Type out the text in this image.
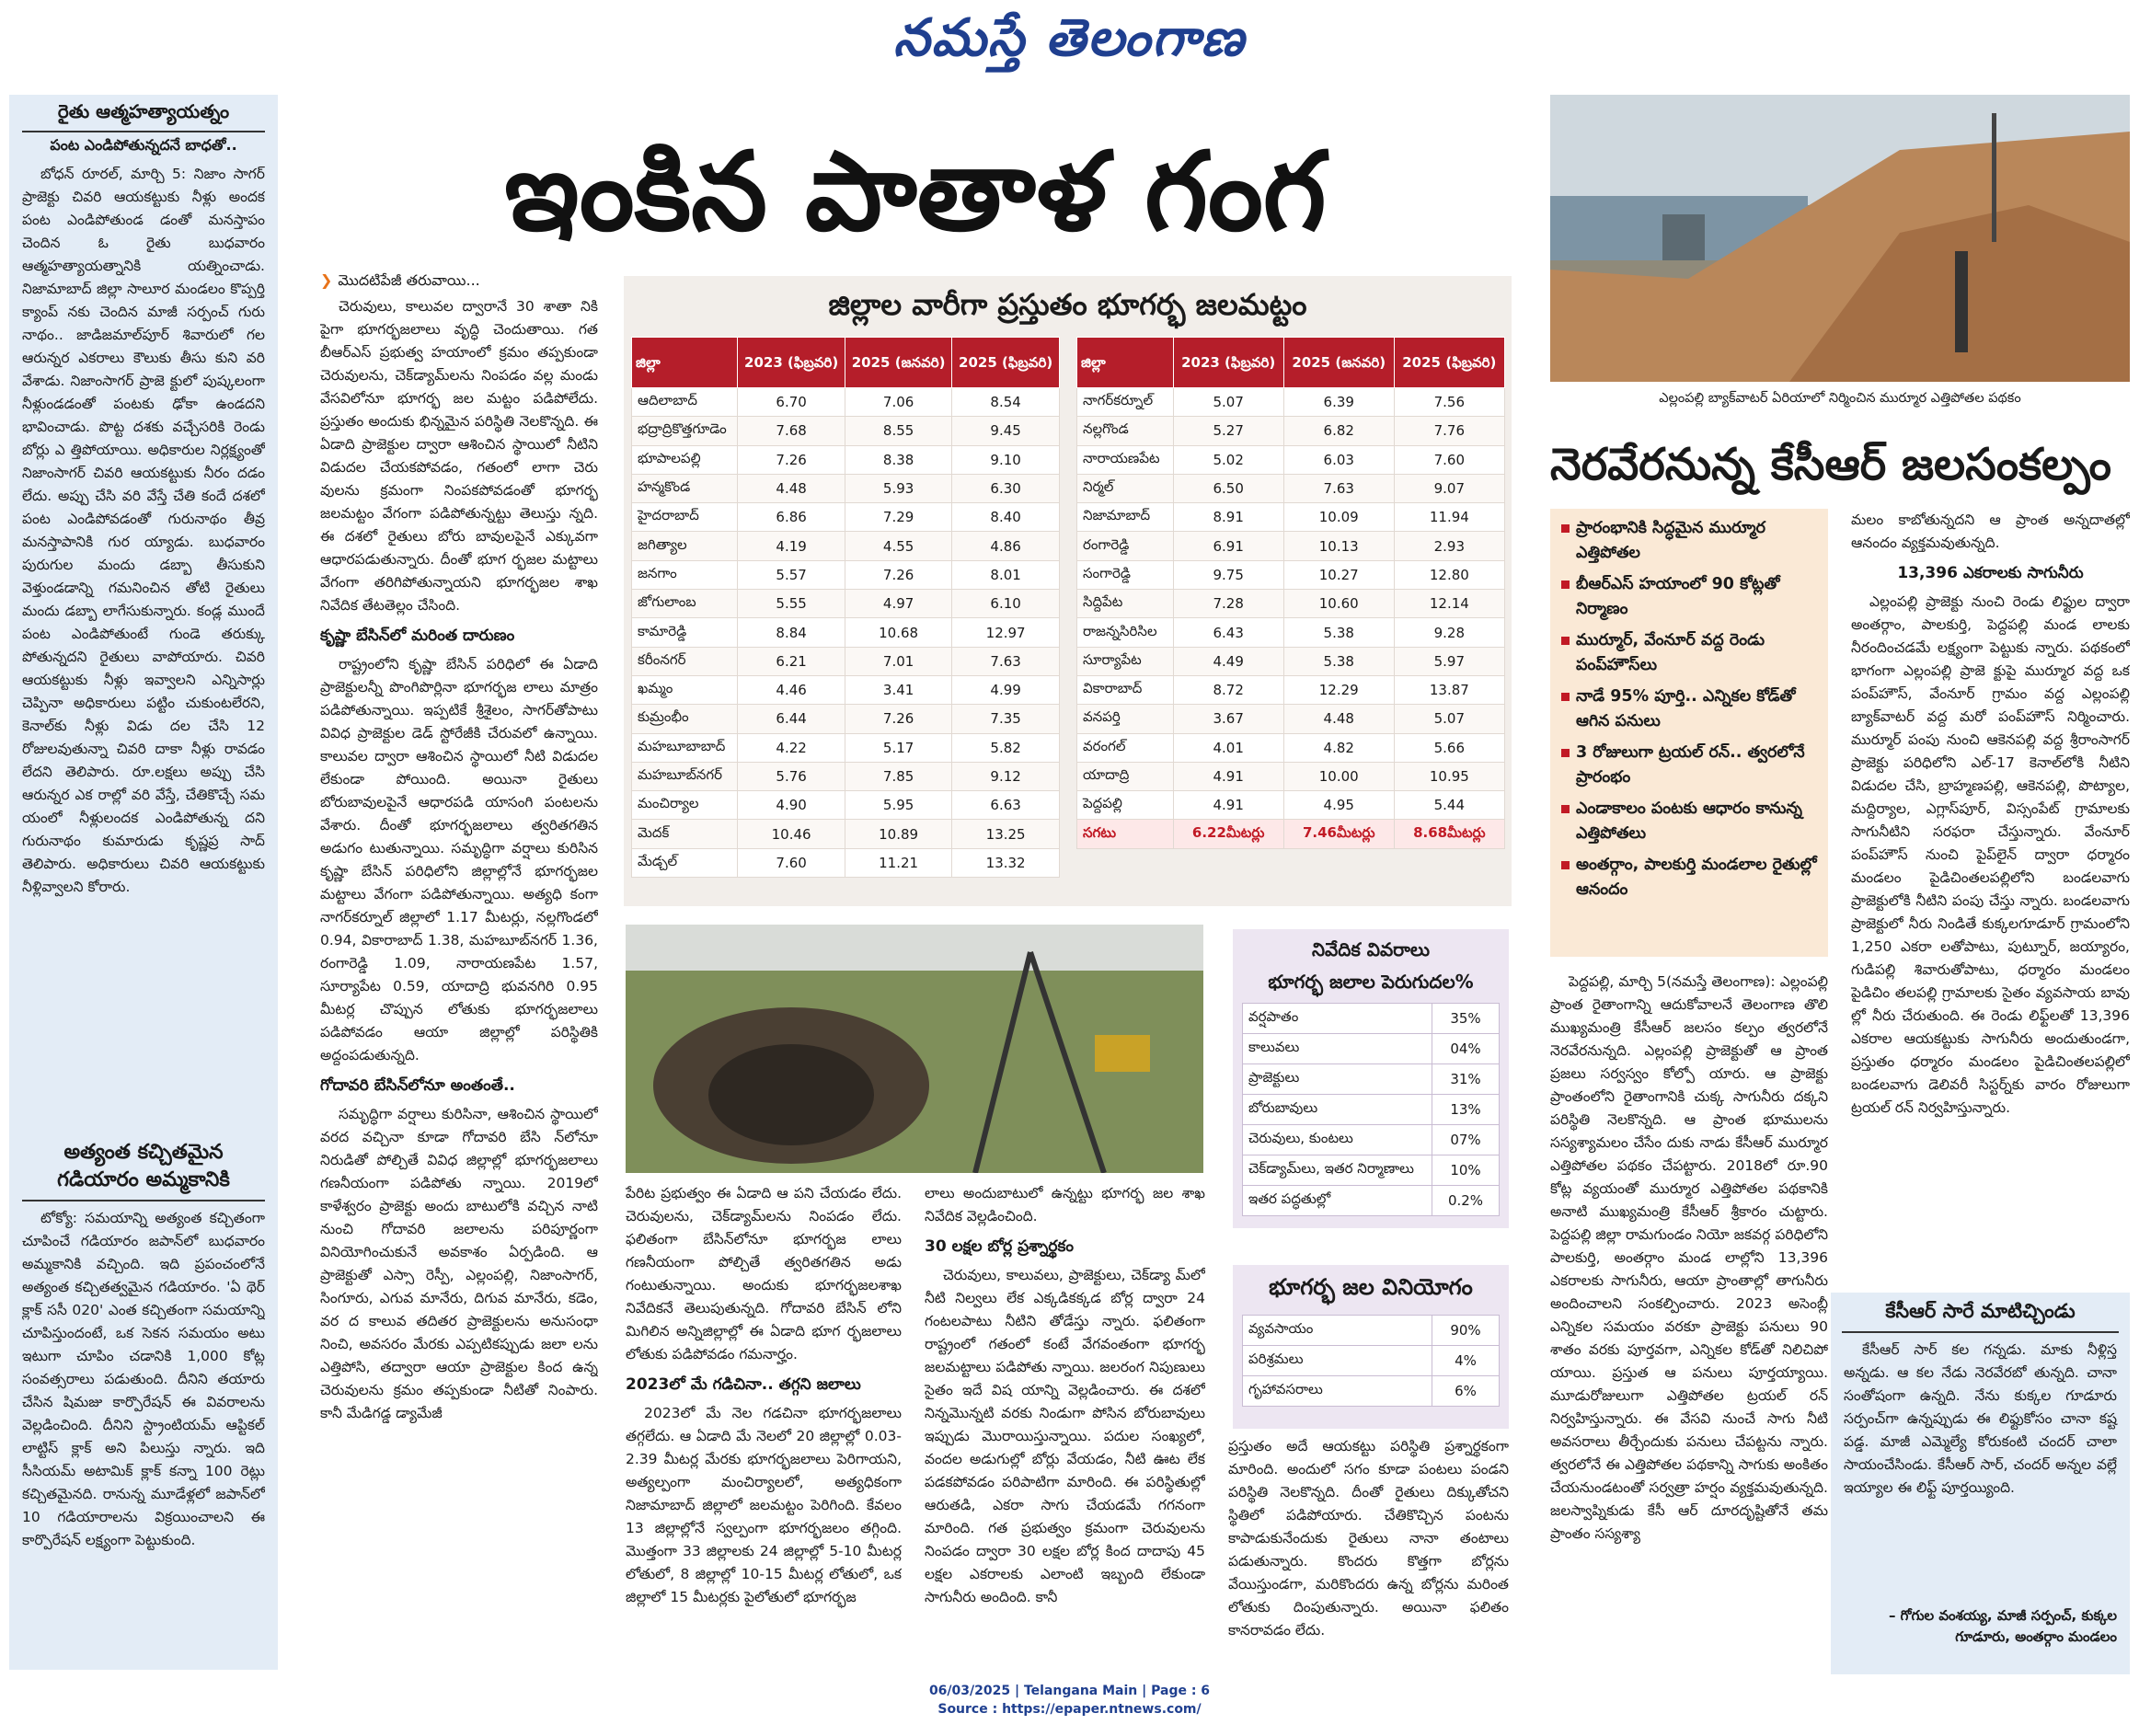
నమస్తే తెలంగాణ
ఇంకిన పాతాళ గంగ
రైతు ఆత్మహత్యాయత్నం
పంట ఎండిపోతున్నదనే బాధతో..

బోధన్ రూరల్, మార్చి 5: నిజాం సాగర్ ప్రాజెక్టు చివరి ఆయకట్టుకు నీళ్లు అందక పంట ఎండిపోతుండ డంతో మనస్తాపం చెందిన ఓ రైతు బుధవారం ఆత్మహత్యాయత్నానికి యత్నించాడు. నిజామాబాద్ జిల్లా సాలూర మండలం కొప్పర్తి క్యాంప్ నకు చెందిన మాజీ సర్పంచ్ గురు నాథం.. జాడిజమాల్‌పూర్ శివారులో గల ఆరున్నర ఎకరాలు కౌలుకు తీసు కుని వరి వేశాడు. నిజాంసాగర్ ప్రాజె క్టులో పుష్కలంగా నీళ్లుండడంతో పంటకు ఢోకా ఉండదని భావించాడు. పొట్ట దశకు వచ్చేసరికి రెండు బోర్లు ఎ త్తిపోయాయి. అధికారుల నిర్లక్ష్యంతో నిజాంసాగర్ చివరి ఆయకట్టుకు నీరం దడం లేదు. అప్పు చేసి వరి వేస్తే చేతి కందే దశలో పంట ఎండిపోవడంతో గురునాథం తీవ్ర మనస్తాపానికి గుర య్యాడు. బుధవారం పురుగుల మందు డబ్బా తీసుకుని వెళ్తుండడాన్ని గమనించిన తోటి రైతులు మందు డబ్బా లాగేసుకున్నారు. కండ్ల ముందే పంట ఎండిపోతుంటే గుండె తరుక్కు పోతున్నదని రైతులు వాపోయారు. చివరి ఆయకట్టుకు నీళ్లు ఇవ్వాలని ఎన్నిసార్లు చెప్పినా అధికారులు పట్టిం చుకుంటలేరని, కెనాల్‌కు నీళ్లు విడు దల చేసి 12 రోజులవుతున్నా చివరి దాకా నీళ్లు రావడం లేదని తెలిపారు. రూ.లక్షలు అప్పు చేసి ఆరున్నర ఎక రాల్లో వరి వేస్తే, చేతికొచ్చే సమ యంలో నీళ్లులందక ఎండిపోతున్న దని గురునాథం కుమారుడు కృష్ణప్ర సాద్ తెలిపారు. అధికారులు చివరి ఆయకట్టుకు నీళ్లివ్వాలని కోరారు.

అత్యంత కచ్చితమైన
గడియారం అమ్మకానికి

టోక్యో: సమయాన్ని అత్యంత కచ్చితంగా చూపించే గడియారం జపాన్‌లో బుధవారం అమ్మకానికి వచ్చింది. ఇది ప్రపంచంలోనే అత్యంత కచ్చితత్వమైన గడియారం. 'ఏ థెర్ క్లాక్ ససీ 020' ఎంత కచ్చితంగా సమయాన్ని చూపిస్తుందంటే, ఒక సెకన సమయం అటు ఇటుగా చూపిం చడానికి 1,000 కోట్ల సంవత్సరాలు పడుతుంది. దీనిని తయారు చేసిన షిమజు కార్పొరేషన్ ఈ వివరాలను వెల్లడించింది. దీనిని స్ట్రాంటియమ్ ఆప్టికల్ లాట్టిస్ క్లాక్ అని పిలుస్తు న్నారు. ఇది సీసియమ్ అటామిక్ క్లాక్ కన్నా 100 రెట్లు కచ్చితమైనది. రానున్న మూడేళ్లలో జపాన్‌లో 10 గడియారాలను విక్రయించాలని ఈ కార్పొరేషన్ లక్ష్యంగా పెట్టుకుంది.

❯ మొదటిపేజీ తరువాయి...

చెరువులు, కాలువల ద్వారానే 30 శాతా నికి పైగా భూగర్భజలాలు వృద్ధి చెందుతాయి. గత బీఆర్‌ఎస్ ప్రభుత్వ హయాంలో క్రమం తప్పకుండా చెరువులను, చెక్‌డ్యామ్‌లను నింపడం వల్ల మండు వేసవిలోనూ భూగర్భ జల మట్టం పడిపోలేదు. ప్రస్తుతం అందుకు భిన్నమైన పరిస్థితి నెలకొన్నది. ఈ ఏడాది ప్రాజెక్టుల ద్వారా ఆశించిన స్థాయిలో నీటిని విడుదల చేయకపోవడం, గతంలో లాగా చెరు వులను క్రమంగా నింపకపోవడంతో భూగర్భ జలమట్టం వేగంగా పడిపోతున్నట్టు తెలుస్తు న్నది. ఈ దశలో రైతులు బోరు బావులపైనే ఎక్కువగా ఆధారపడుతున్నారు. దీంతో భూగ ర్భజల మట్టాలు వేగంగా తరిగిపోతున్నాయని భూగర్భజల శాఖ నివేదిక తేటతెల్లం చేసింది.

కృష్ణా బేసిన్‌లో మరింత దారుణం

రాష్ట్రంలోని కృష్ణా బేసిన్ పరిధిలో ఈ ఏడాది ప్రాజెక్టులన్నీ పొంగిపొర్లినా భూగర్భజ లాలు మాత్రం పడిపోతున్నాయి. ఇప్పటికే శ్రీశైలం, సాగర్‌తోపాటు వివిధ ప్రాజెక్టుల డెడ్ స్టోరేజీకి చేరువలో ఉన్నాయి. కాలువల ద్వారా ఆశించిన స్థాయిలో నీటి విడుదల లేకుండా పోయింది. అయినా రైతులు బోరుబావులపైనే ఆధారపడి యాసంగి పంటలను వేశారు. దీంతో భూగర్భజలాలు త్వరితగతిన అడుగం టుతున్నాయి. సమృద్ధిగా వర్షాలు కురిసిన కృష్ణా బేసిన్ పరిధిలోని జిల్లాల్లోనే భూగర్భజల మట్టాలు వేగంగా పడిపోతున్నాయి. అత్యధి కంగా నాగర్‌కర్నూల్ జిల్లాలో 1.17 మీటర్లు, నల్లగొండలో 0.94, వికారాబాద్ 1.38, మహబూబ్‌నగర్ 1.36, రంగారెడ్డి 1.09, నారాయణపేట 1.57, సూర్యాపేట 0.59, యాదాద్రి భువనగిరి 0.95 మీటర్ల చొప్పున లోతుకు భూగర్భజలాలు పడిపోవడం ఆయా జిల్లాల్లో పరిస్థితికి అద్దంపడుతున్నది.

గోదావరి బేసిన్‌లోనూ అంతంతే..

సమృద్ధిగా వర్షాలు కురిసినా, ఆశించిన స్థాయిలో వరద వచ్చినా కూడా గోదావరి బేసి న్‌లోనూ నిరుడితో పోల్చితే వివిధ జిల్లాల్లో భూగర్భజలాలు గణనీయంగా పడిపోతు న్నాయి. 2019లో కాళేశ్వరం ప్రాజెక్టు అందు బాటులోకి వచ్చిన నాటి నుంచి గోదావరి జలాలను పరిపూర్ణంగా వినియోగించుకునే అవకాశం ఏర్పడింది. ఆ ప్రాజెక్టుతో ఎస్సా రెస్పీ, ఎల్లంపల్లి, నిజాంసాగర్, సింగూరు, ఎగువ మానేరు, దిగువ మానేరు, కడెం, వర ద కాలువ తదితర ప్రాజెక్టులను అనుసంధా నించి, అవసరం మేరకు ఎప్పటికప్పుడు జలా లను ఎత్తిపోసి, తద్వారా ఆయా ప్రాజెక్టుల కింద ఉన్న చెరువులను క్రమం తప్పకుండా నీటితో నింపారు. కానీ మేడిగడ్డ డ్యామేజీ

జిల్లాల వారీగా ప్రస్తుతం భూగర్భ జలమట్టం
జిల్లా	2023 (ఫిబ్రవరి)	2025 (జనవరి)	2025 (ఫిబ్రవరి)
ఆదిలాబాద్	6.70	7.06	8.54
భద్రాద్రికొత్తగూడెం	7.68	8.55	9.45
భూపాలపల్లి	7.26	8.38	9.10
హన్మకొండ	4.48	5.93	6.30
హైదరాబాద్	6.86	7.29	8.40
జగిత్యాల	4.19	4.55	4.86
జనగాం	5.57	7.26	8.01
జోగులాంబ	5.55	4.97	6.10
కామారెడ్డి	8.84	10.68	12.97
కరీంనగర్	6.21	7.01	7.63
ఖమ్మం	4.46	3.41	4.99
కుమ్రంభీం	6.44	7.26	7.35
మహబూబాబాద్	4.22	5.17	5.82
మహబూబ్‌నగర్	5.76	7.85	9.12
మంచిర్యాల	4.90	5.95	6.63
మెదక్	10.46	10.89	13.25
మేడ్చల్	7.60	11.21	13.32
జిల్లా	2023 (ఫిబ్రవరి)	2025 (జనవరి)	2025 (ఫిబ్రవరి)
నాగర్‌కర్నూల్	5.07	6.39	7.56
నల్లగొండ	5.27	6.82	7.76
నారాయణపేట	5.02	6.03	7.60
నిర్మల్	6.50	7.63	9.07
నిజామాబాద్	8.91	10.09	11.94
రంగారెడ్డి	6.91	10.13	2.93
సంగారెడ్డి	9.75	10.27	12.80
సిద్దిపేట	7.28	10.60	12.14
రాజన్నసిరిసిల	6.43	5.38	9.28
సూర్యాపేట	4.49	5.38	5.97
వికారాబాద్	8.72	12.29	13.87
వనపర్తి	3.67	4.48	5.07
వరంగల్	4.01	4.82	5.66
యాదాద్రి	4.91	10.00	10.95
పెద్దపల్లి	4.91	4.95	5.44
సగటు	6.22మీటర్లు	7.46మీటర్లు	8.68మీటర్లు
ఎల్లంపల్లి బ్యాక్‌వాటర్ ఏరియాలో నిర్మించిన ముర్మూర ఎత్తిపోతల పథకం
నెరవేరనున్న కేసీఆర్ జలసంకల్పం
ప్రారంభానికి సిద్ధమైన ముర్మూర ఎత్తిపోతల
బీఆర్‌ఎస్ హయాంలో 90 కోట్లతో నిర్మాణం
ముర్మూర్, వేంనూర్ వద్ద రెండు పంప్‌హౌస్‌లు
నాడే 95% పూర్తి.. ఎన్నికల కోడ్‌తో ఆగిన పనులు
3 రోజులుగా ట్రయల్ రన్.. త్వరలోనే ప్రారంభం
ఎండాకాలం పంటకు ఆధారం కానున్న ఎత్తిపోతలు
అంతర్గాం, పాలకుర్తి మండలాల రైతుల్లో ఆనందం

పేరిట ప్రభుత్వం ఈ ఏడాది ఆ పని చేయడం లేదు. చెరువులను, చెక్‌డ్యామ్‌లను నింపడం లేదు. ఫలితంగా బేసిన్‌లోనూ భూగర్భజ లాలు గణనీయంగా పోల్చితే త్వరితగతిన అడు గంటుతున్నాయి. అందుకు భూగర్భజలశాఖ నివేదికనే తెలుపుతున్నది. గోదావరి బేసిన్ లోని మిగిలిన అన్నిజిల్లాల్లో ఈ ఏడాది భూగ ర్భజలాలు లోతుకు పడిపోవడం గమనార్హం.

2023లో మే గడిచినా.. తగ్గని జలాలు

2023లో మే నెల గడచినా భూగర్భజలాలు తగ్గలేదు. ఆ ఏడాది మే నెలలో 20 జిల్లాల్లో 0.03-2.39 మీటర్ల మేరకు భూగర్భజలాలు పెరిగాయని, అత్యల్పంగా మంచిర్యాలలో, అత్యధికంగా నిజామాబాద్ జిల్లాలో జలమట్టం పెరిగింది. కేవలం 13 జిల్లాల్లోనే స్వల్పంగా భూగర్భజలం తగ్గింది. మొత్తంగా 33 జిల్లాలకు 24 జిల్లాల్లో 5-10 మీటర్ల లోతులో, 8 జిల్లాల్లో 10-15 మీటర్ల లోతులో, ఒక జిల్లాలో 15 మీటర్లకు పైలోతులో భూగర్భజ

లాలు అందుబాటులో ఉన్నట్టు భూగర్భ జల శాఖ నివేదిక వెల్లడించింది.

30 లక్షల బోర్ల ప్రశ్నార్థకం

చెరువులు, కాలువలు, ప్రాజెక్టులు, చెక్‌డ్యా మ్‌లో నీటి నిల్వలు లేక ఎక్కడికక్కడ బోర్ల ద్వారా 24 గంటలపాటు నీటిని తోడేస్తు న్నారు. ఫలితంగా రాష్ట్రంలో గతంలో కంటే వేగవంతంగా భూగర్భ జలమట్టాలు పడిపోతు న్నాయి. జలరంగ నిపుణులు సైతం ఇదే విష యాన్ని వెల్లడించారు. ఈ దశలో నిన్నమొన్నటి వరకు నిండుగా పోసిన బోరుబావులు ఇప్పుడు మొరాయిస్తున్నాయి. పదుల సంఖ్యలో, వందల అడుగుల్లో బోర్లు వేయడం, నీటి ఊట లేక పడకపోవడం పరిపాటిగా మారింది. ఈ పరిస్థితుల్లో ఆరుతడి, ఎకరా సాగు చేయడమే గగనంగా మారింది. గత ప్రభుత్వం క్రమంగా చెరువులను నింపడం ద్వారా 30 లక్షల బోర్ల కింద దాదాపు 45 లక్షల ఎకరాలకు ఎలాంటి ఇబ్బంది లేకుండా సాగునీరు అందింది. కానీ

ప్రస్తుతం అదే ఆయకట్టు పరిస్థితి ప్రశ్నార్థకంగా మారింది. అందులో సగం కూడా పంటలు పండని పరిస్థితి నెలకొన్నది. దీంతో రైతులు దిక్కుతోచని స్థితిలో పడిపోయారు. చేతికొచ్చిన పంటను కాపాడుకునేందుకు రైతులు నానా తంటాలు పడుతున్నారు. కొందరు కొత్తగా బోర్లను వేయిస్తుండగా, మరికొందరు ఉన్న బోర్లను మరింత లోతుకు దింపుతున్నారు. అయినా ఫలితం కానరావడం లేదు.

నివేదిక వివరాలు
భూగర్భ జలాల పెరుగుదల%
వర్షపాతం	35%
కాలువలు	04%
ప్రాజెక్టులు	31%
బోరుబావులు	13%
చెరువులు, కుంటలు	07%
చెక్‌డ్యామ్‌లు, ఇతర నిర్మాణాలు	10%
ఇతర పద్ధతుల్లో	0.2%
భూగర్భ జల వినియోగం
వ్యవసాయం	90%
పరిశ్రమలు	4%
గృహావసరాలు	6%

పెద్దపల్లి, మార్చి 5(నమస్తే తెలంగాణ): ఎల్లంపల్లి ప్రాంత రైతాంగాన్ని ఆదుకోవాలనే తెలంగాణ తొలి ముఖ్యమంత్రి కేసీఆర్ జలసం కల్పం త్వరలోనే నెరవేరనున్నది. ఎల్లంపల్లి ప్రాజెక్టుతో ఆ ప్రాంత ప్రజలు సర్వస్వం కోల్పో యారు. ఆ ప్రాజెక్టు ప్రాంతంలోని రైతాంగానికి చుక్క సాగునీరు దక్కని పరిస్థితి నెలకొన్నది. ఆ ప్రాంత భూములను సస్యశ్యామలం చేసేం దుకు నాడు కేసీఆర్ ముర్మూర ఎత్తిపోతల పథకం చేపట్టారు. 2018లో రూ.90 కోట్ల వ్యయంతో ముర్మూర ఎత్తిపోతల పథకానికి అనాటి ముఖ్యమంత్రి కేసీఆర్ శ్రీకారం చుట్టారు. పెద్దపల్లి జిల్లా రామగుండం నియో జకవర్గ పరిధిలోని పాలకుర్తి, అంతర్గాం మండ లాల్లోని 13,396 ఎకరాలకు సాగునీరు, ఆయా ప్రాంతాల్లో తాగునీరు అందించాలని సంకల్పించారు. 2023 అసెంబ్లీ ఎన్నికల సమయం వరకూ ప్రాజెక్టు పనులు 90 శాతం వరకు పూర్తవగా, ఎన్నికల కోడ్‌తో నిలిచిపో యాయి. ప్రస్తుత ఆ పనులు పూర్తయ్యాయి. మూడురోజులుగా ఎత్తిపోతల ట్రయల్ రన్ నిర్వహిస్తున్నారు. ఈ వేసవి నుంచే సాగు నీటి అవసరాలు తీర్చేందుకు పనులు చేపట్టను న్నారు. త్వరలోనే ఈ ఎత్తిపోతల పథకాన్ని సాగుకు అంకితం చేయనుండటంతో సర్వత్రా హర్షం వ్యక్తమవుతున్నది. జలస్వాప్నికుడు కేసీ ఆర్ దూరదృష్టితోనే తమ ప్రాంతం సస్యశ్యా

మలం కాబోతున్నదని ఆ ప్రాంత అన్నదాతల్లో ఆనందం వ్యక్తమవుతున్నది.

13,396 ఎకరాలకు సాగునీరు

ఎల్లంపల్లి ప్రాజెక్టు నుంచి రెండు లిఫ్టుల ద్వారా అంతర్గాం, పాలకుర్తి, పెద్దపల్లి మండ లాలకు నీరందించడమే లక్ష్యంగా పెట్టుకు న్నారు. పథకంలో భాగంగా ఎల్లంపల్లి ప్రాజె క్టుపై ముర్మూర వద్ద ఒక పంప్‌హౌస్, వేంనూర్ గ్రామం వద్ద ఎల్లంపల్లి బ్యాక్‌వాటర్ వద్ద మరో పంప్‌హౌస్ నిర్మించారు. ముర్మూర్ పంపు నుంచి ఆకెనపల్లి వద్ద శ్రీరాంసాగర్ ప్రాజెక్టు పరిధిలోని ఎల్-17 కెనాల్‌లోకి నీటిని విడుదల చేసి, బ్రాహ్మణపల్లి, ఆకెనపల్లి, పొట్యాల, మద్దిర్యాల, ఎగ్లాస్‌పూర్, విస్సంపేట్ గ్రామాలకు సాగునీటిని సరఫరా చేస్తున్నారు. వేంనూర్ పంప్‌హౌస్ నుంచి పైప్‌లైన్ ద్వారా ధర్మారం మండలం పైడిచింతలపల్లిలోని బండలవాగు ప్రాజెక్టులోకి నీటిని పంపు చేస్తు న్నారు. బండలవాగు ప్రాజెక్టులో నీరు నిండితే కుక్కలగూడూర్ గ్రామంలోని 1,250 ఎకరా లతోపాటు, పుట్నూర్, జయ్యారం, గుడిపల్లి శివారుతోపాటు, ధర్మారం మండలం పైడిచిం తలపల్లి గ్రామాలకు సైతం వ్యవసాయ బావు ల్లో నీరు చేరుతుంది. ఈ రెండు లిఫ్ట్‌లతో 13,396 ఎకరాల ఆయకట్టుకు సాగునీరు అందుతుండగా, ప్రస్తుతం ధర్మారం మండలం పైడిచింతలపల్లిలో బండలవాగు డెలివరీ సిస్టర్న్‌కు వారం రోజులుగా ట్రయల్ రన్ నిర్వహిస్తున్నారు.

కేసీఆర్ సారే మాటిచ్చిండు

కేసీఆర్ సార్ కల గన్నడు. మాకు నీళ్లిస్త అన్నడు. ఆ కల నేడు నెరవేరబో తున్నది. చానా సంతోషంగా ఉన్నది. నేను కుక్కల గూడూరు సర్పంచ్‌గా ఉన్నప్పుడు ఈ లిఫ్టుకోసం చానా కష్ట పడ్డ. మాజీ ఎమ్మెల్యే కోరుకంటి చందర్ చాలా సాయంచేసిండు. కేసీఆర్ సార్, చందర్ అన్నల వల్లే ఇయ్యాల ఈ లిఫ్ట్ పూర్తయ్యింది.

– గోగుల వంశయ్య, మాజీ సర్పంచ్, కుక్కల గూడూరు, అంతర్గాం మండలం
06/03/2025 | Telangana Main | Page : 6
Source : https://epaper.ntnews.com/
